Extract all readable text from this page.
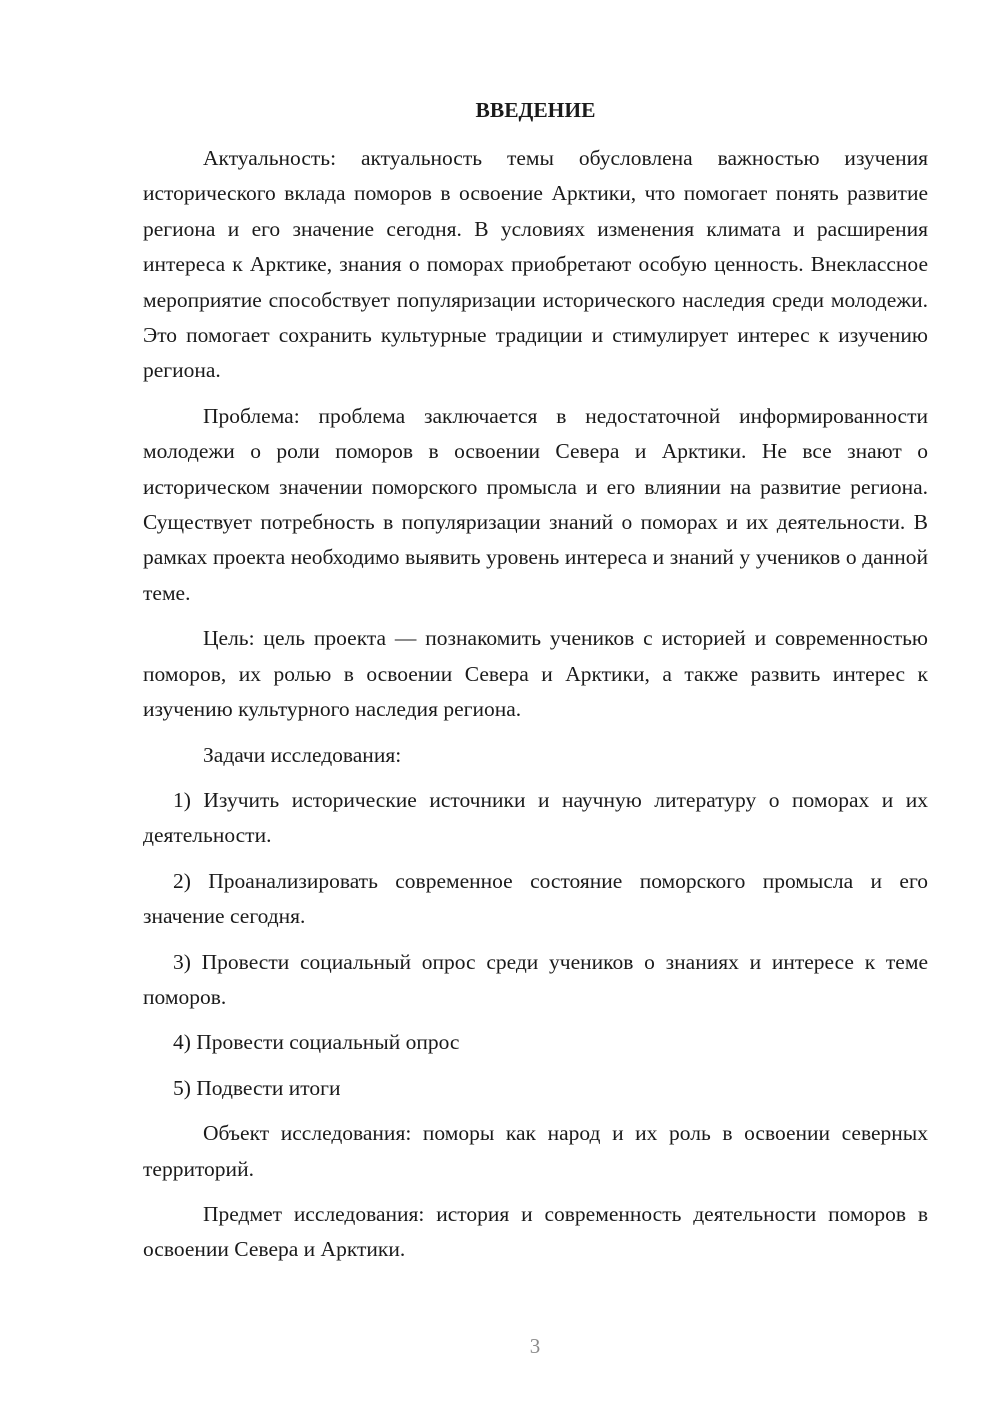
ВВЕДЕНИЕ

Актуальность: актуальность темы обусловлена важностью изучения исторического вклада поморов в освоение Арктики, что помогает понять развитие региона и его значение сегодня. В условиях изменения климата и расширения интереса к Арктике, знания о поморах приобретают особую ценность. Внеклассное мероприятие способствует популяризации исторического наследия среди молодежи. Это помогает сохранить культурные традиции и стимулирует интерес к изучению региона.

Проблема: проблема заключается в недостаточной информированности молодежи о роли поморов в освоении Севера и Арктики. Не все знают о историческом значении поморского промысла и его влиянии на развитие региона. Существует потребность в популяризации знаний о поморах и их деятельности. В рамках проекта необходимо выявить уровень интереса и знаний у учеников о данной теме.

Цель: цель проекта — познакомить учеников с историей и современностью поморов, их ролью в освоении Севера и Арктики, а также развить интерес к изучению культурного наследия региона.

Задачи исследования:

1) Изучить исторические источники и научную литературу о поморах и их деятельности.

2) Проанализировать современное состояние поморского промысла и его значение сегодня.

3) Провести социальный опрос среди учеников о знаниях и интересе к теме поморов.

4) Провести социальный опрос

5) Подвести итоги

Объект исследования: поморы как народ и их роль в освоении северных территорий.

Предмет исследования: история и современность деятельности поморов в освоении Севера и Арктики.

3
